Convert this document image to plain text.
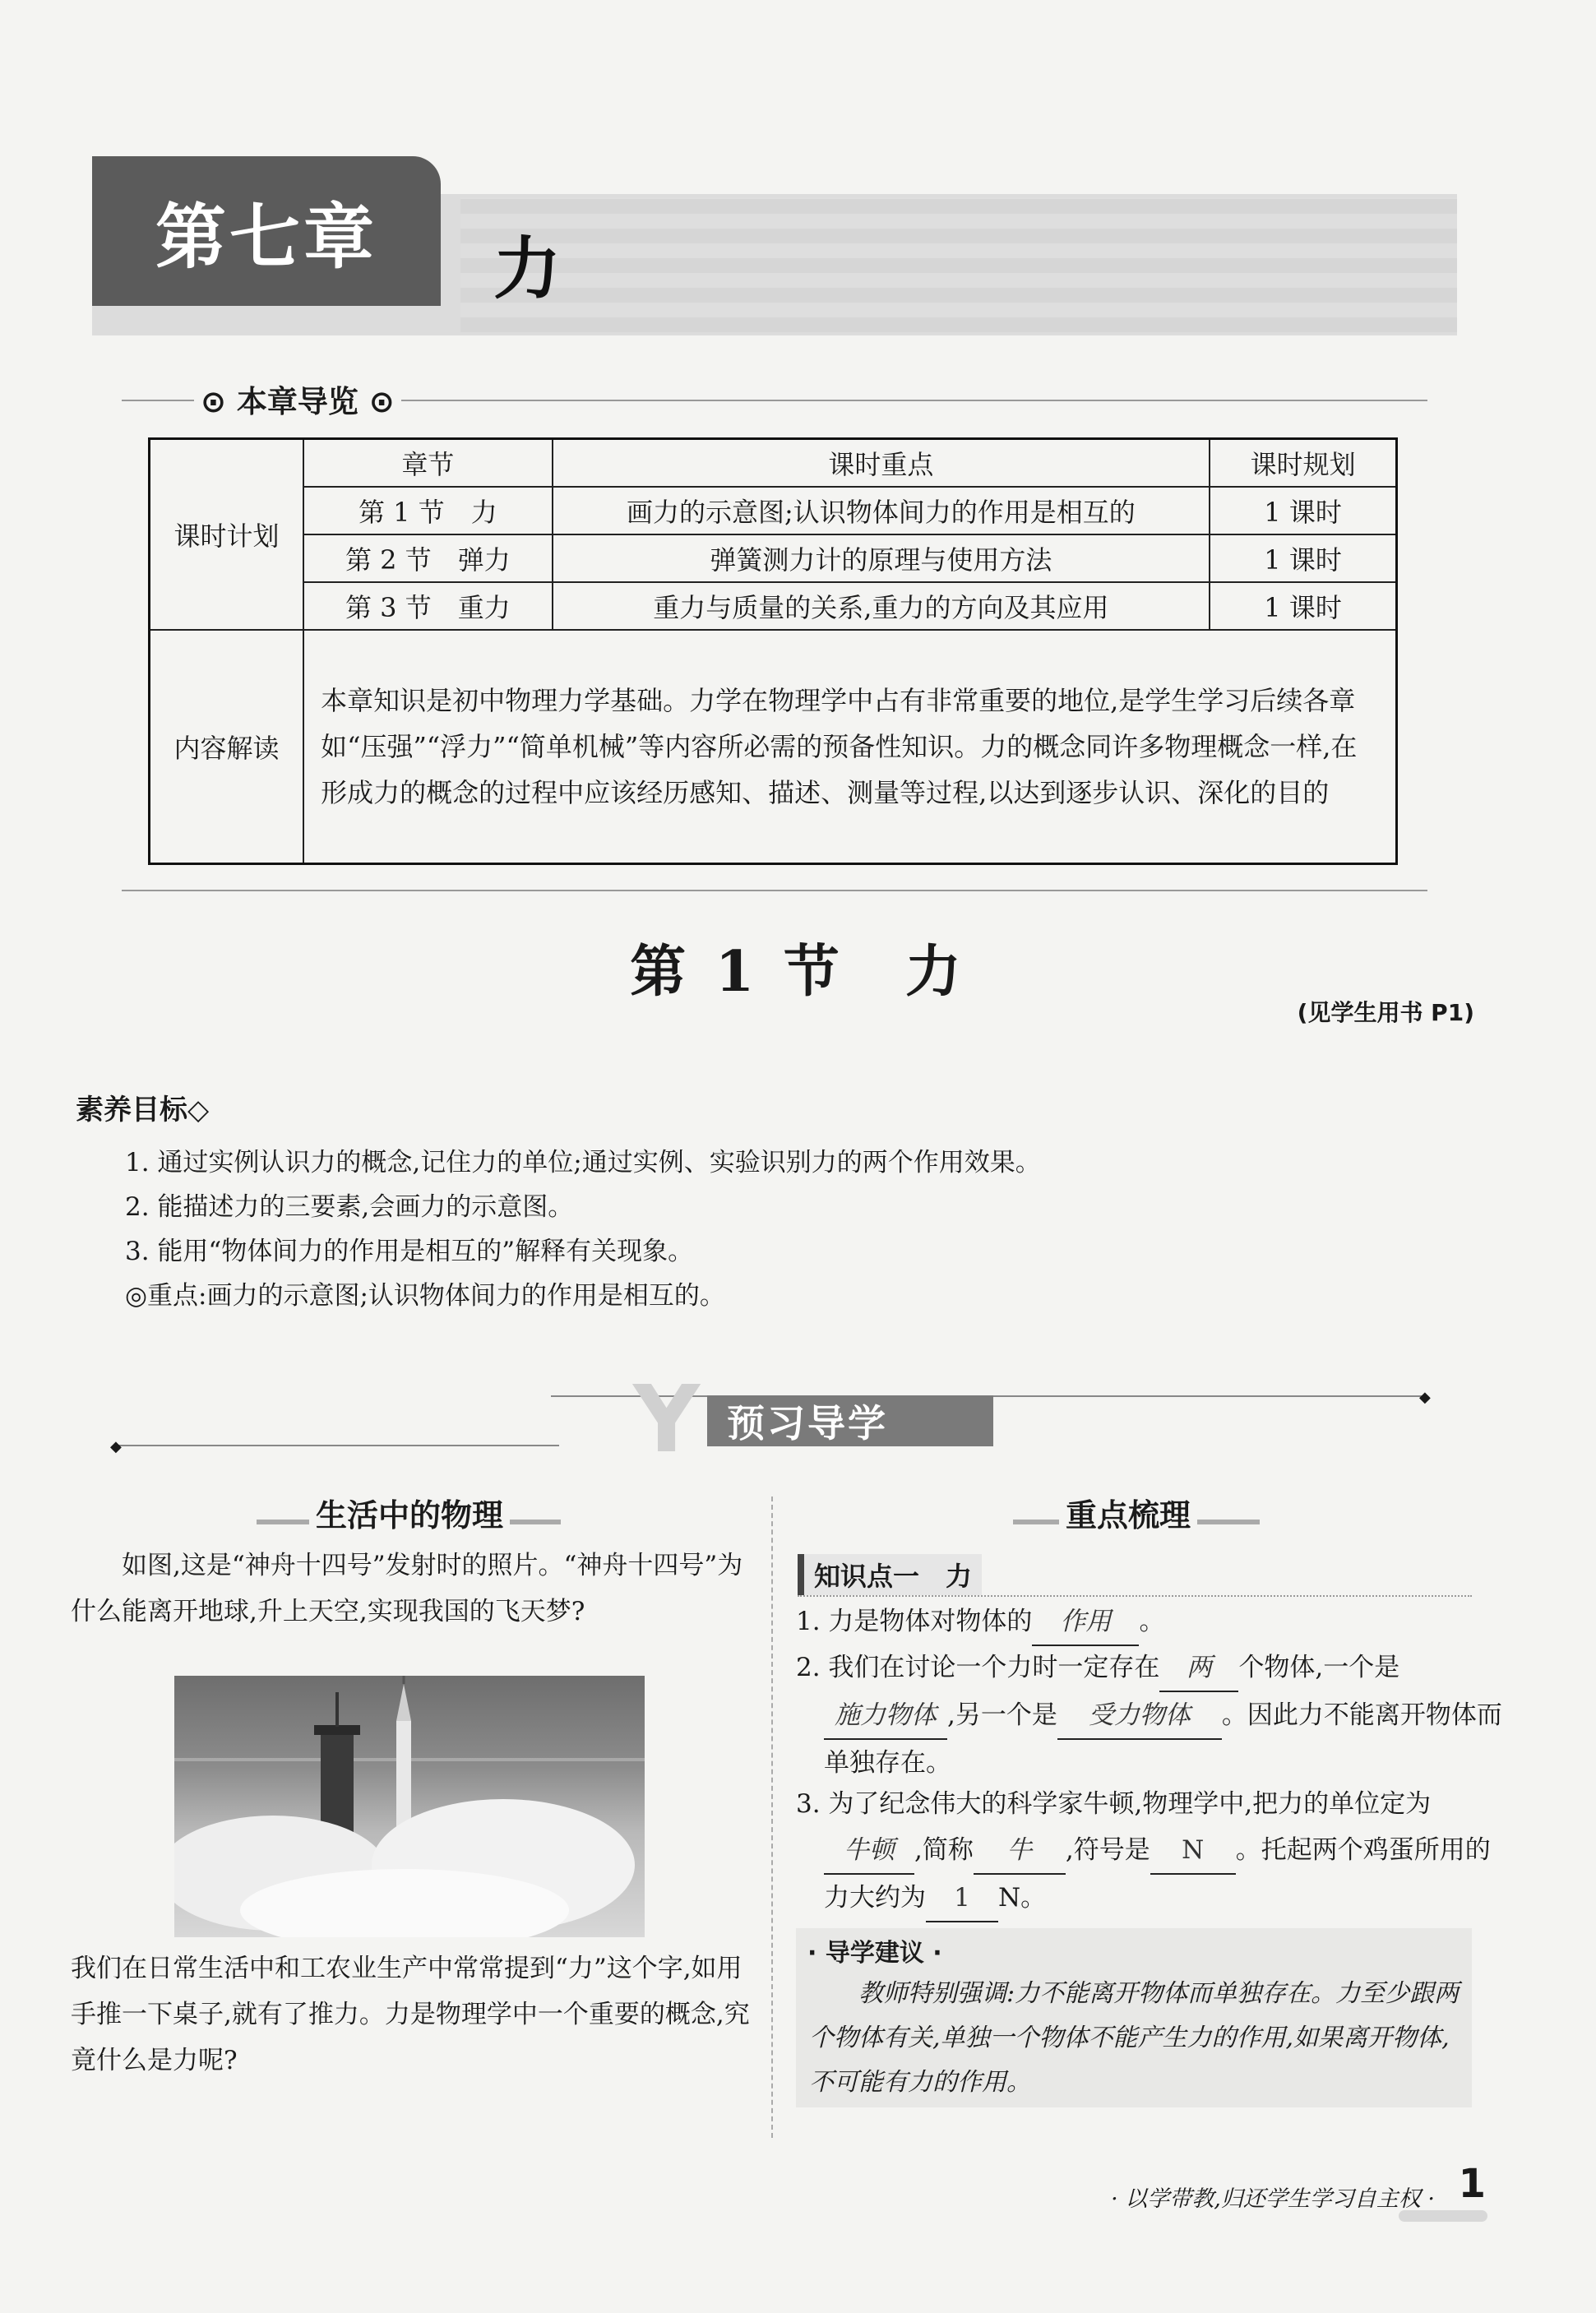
第七章	力
⊙ 本章导览 ⊙
课时计划	章节	课时重点	课时规划
	第 1 节　力	画力的示意图;认识物体间力的作用是相互的	1 课时
	第 2 节　弹力	弹簧测力计的原理与使用方法	1 课时
	第 3 节　重力	重力与质量的关系,重力的方向及其应用	1 课时
内容解读	本章知识是初中物理力学基础。力学在物理学中占有非常重要的地位,是学生学习后续各章如“压强”“浮力”“简单机械”等内容所必需的预备性知识。力的概念同许多物理概念一样,在形成力的概念的过程中应该经历感知、描述、测量等过程,以达到逐步认识、深化的目的		
第 1 节　力
(见学生用书 P1)
素养目标◇
1. 通过实例认识力的概念,记住力的单位;通过实例、实验识别力的两个作用效果。
2. 能描述力的三要素,会画力的示意图。
3. 能用“物体间力的作用是相互的”解释有关现象。
◎重点:画力的示意图;认识物体间力的作用是相互的。
◆
◆	Y 预习导学
生活中的物理
　　如图,这是“神舟十四号”发射时的照片。“神舟十四号”为什么能离开地球,升上天空,实现我国的飞天梦?
我们在日常生活中和工农业生产中常常提到“力”这个字,如用手推一下桌子,就有了推力。力是物理学中一个重要的概念,究竟什么是力呢?
重点梳理
知识点一　 力
1. 力是物体对物体的 作用 。
2. 我们在讨论一个力时一定存在 两 个物体,一个是施力物体 ,另一个是 受力物体 。因此力不能离开物体而单独存在。
3. 为了纪念伟大的科学家牛顿,物理学中,把力的单位定为牛顿 ,简称 牛 ,符号是 N 。托起两个鸡蛋所用的力大约为 1 N。
· 导学建议 ·
　　教师特别强调:力不能离开物体而单独存在。力至少跟两个物体有关,单独一个物体不能产生力的作用,如果离开物体,不可能有力的作用。
· 以学带教,归还学生学习自主权 · 1
